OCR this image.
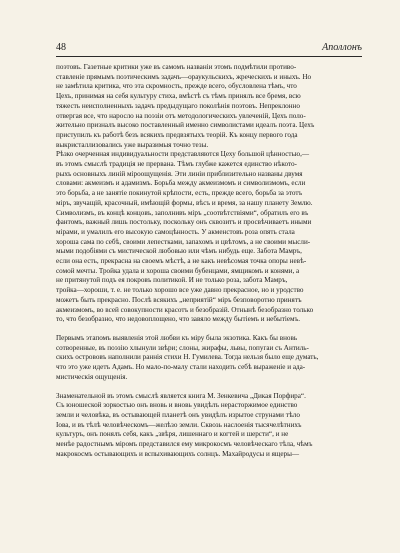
48	Аполлонъ

поэтовъ. Газетные критики уже въ самомъ названіи этомъ подмѣтили противо-
ставленіе прямымъ поэтическимъ задачъ—ораукульскихъ, жреческихъ и иныхъ. Но
не замѣтила критика, что эта скромность, прежде всего, обусловлена тѣмъ, что
Цехъ, принимая на себя культуру стиха, вмѣстѣ съ тѣмъ принялъ все бремя, всю
тяжесть неисполненныхъ задачъ предыдущаго поколѣнія поэтовъ. Непреклонно
отвергая все, что наросло на поэзіи отъ методологическихъ увлеченій, Цехъ поло-
жительно призналъ высоко поставленный именно символистами идеалъ поэта. Цехъ
приступилъ къ работѣ безъ всякихъ предвзятыхъ теорій. Къ концу первого года
выкристаллизовались уже выразимыя точно тезы.

Рѣзко очерченная индивидуальности представляются Цеху большой цѣнностью,—
въ этомъ смыслѣ традиція не прервана. Тѣмъ глубже кажется единство нѣкото-
рыхъ основныхъ линій міроощущенія. Эти линіи приблизительно названы двумя
словами: акмеизмъ и адамизмъ. Борьба между акмеизмомъ и символизмомъ, если
это борьба, а не занятіе покинутой крѣпости, есть, прежде всего, борьба за этотъ
міръ, звучащій, красочный, имѣющій формы, вѣсъ и время, за нашу планету Землю.
Символизмъ, въ концѣ концовъ, заполнивъ міръ „соотвѣтствіями“, обратилъ его въ
фантомъ, важный лишь постольку, поскольку онъ сквозитъ и просвѣчиваетъ иными
мірами, и умалилъ его высокую самоцѣнность. У акменстовъ роза опять стала
хороша сама по себѣ, своими лепестками, запахомъ и цвѣтомъ, а не своими мысли-
мыми подобіями съ мистической любовью или чѣмъ нибудь еще. Забота Мамръ,
если она есть, прекрасна на своемъ мѣстѣ, а не какъ невѣсомая точка опоры невѣ-
сомой мечты. Тройка удала и хороша своими бубенцами, ямщикомъ и конями, а
не притянутой подъ ея покровъ политикой. И не только роза, забота Мамръ,
тройка—хороши, т. е. не только хорошо все уже давно прекрасное, но и уродство
можетъ быть прекрасно. Послѣ всякихъ „неприятій“ міръ безповоротно принятъ
акмеизмомъ, во всей совокупности красотъ и безобразій. Отнынѣ безобразно только
то, что безобразно, что недовоплощено, что завяло между бытіемъ и небытіемъ.

Первымъ этапомъ выявленія этой любви къ міру была экзотика. Какъ бы вновь
сотворенные, въ поэзію хлынули звѣри; слоны, жирафы, львы, попугаи съ Антиль-
скихъ острововъ наполнили раннія стихи Н. Гумилева. Тогда нельзя было еще думать,
что это уже идетъ Адамъ. Но мало-по-малу стали находить себѣ выраженіе и ада-
мистическія ощущенія.

Знаменательной въ этомъ смыслѣ является книга М. Зенкевича „Дикая Порфира“.
Съ юношеской зоркостью онъ вновь и вновь увидѣлъ нерасторжимое единство
земли и человѣка, въ остывающей планетѣ онъ увидѣлъ изрытое струнами тѣло
Іова, и въ тѣлѣ человѣческомъ—желѣзо земли. Сквозь наслоенія тысячелѣтнихъ
культуръ, онъ понялъ себя, какъ „звѣря, лишеннаго и когтей и шерсти“, и не
менѣе радостнымъ міромъ представился ему микрокосмъ человѣческаго тѣла, чѣмъ
макрокосмъ остывающихъ и вспыхивающихъ солнцъ. Махайродусы и ящеры—
